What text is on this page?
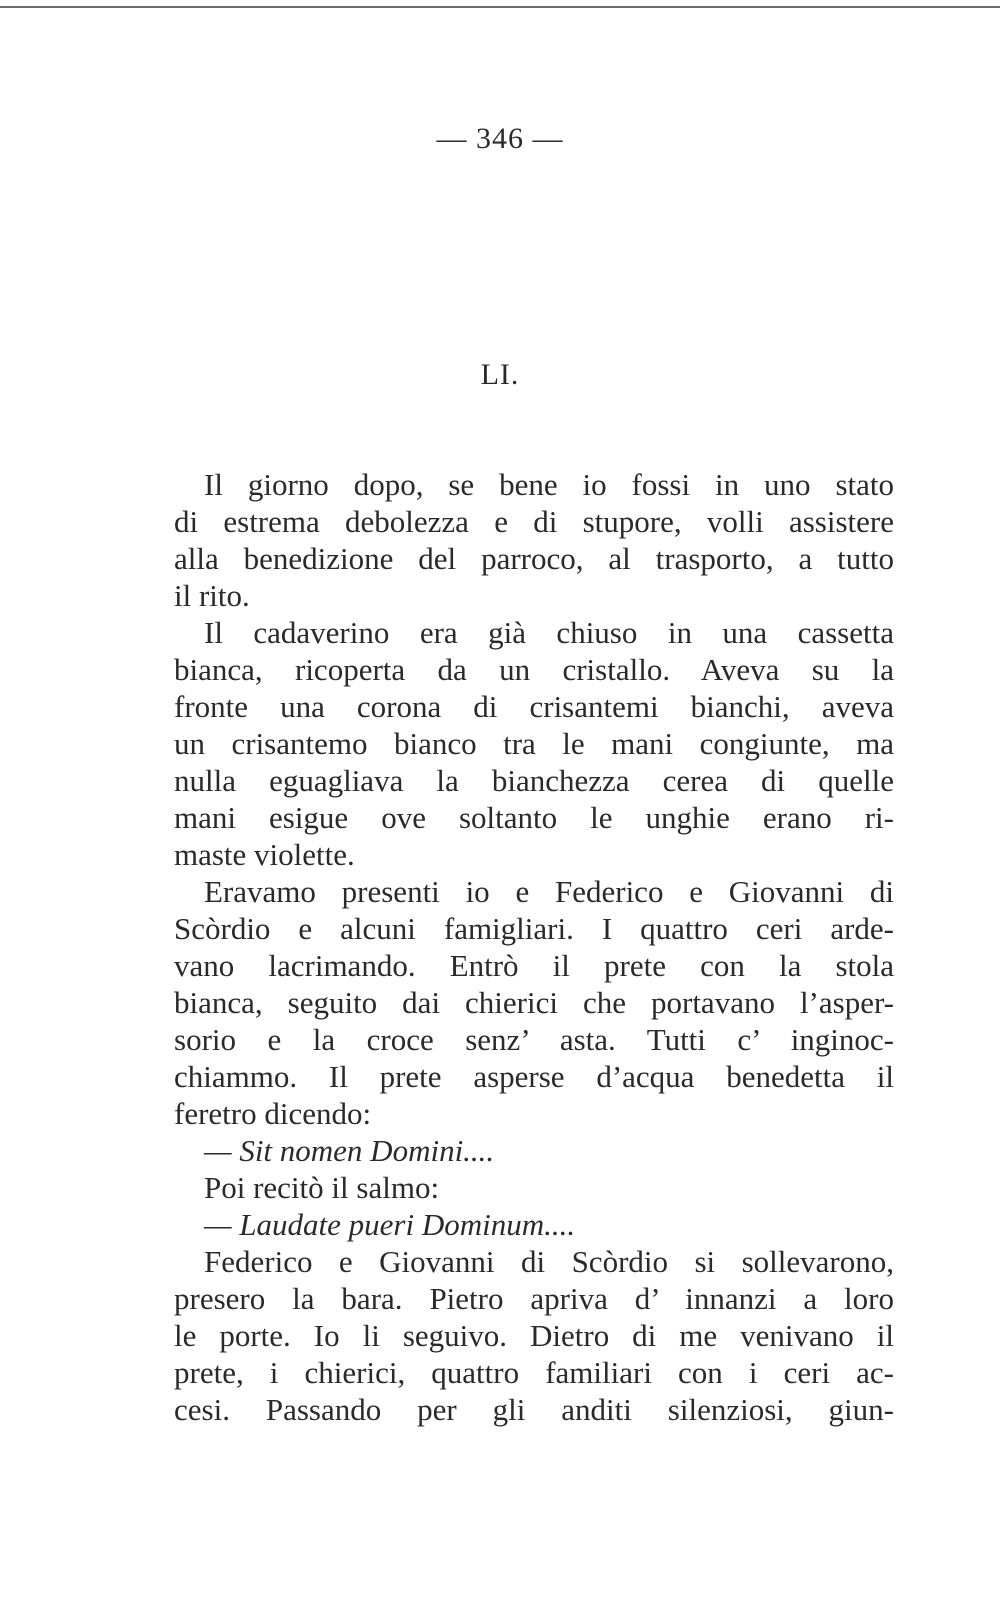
— 346 —
LI.
Il giorno dopo, se bene io fossi in uno stato
di estrema debolezza e di stupore, volli assistere
alla benedizione del parroco, al trasporto, a tutto
il rito.
Il cadaverino era già chiuso in una cassetta
bianca, ricoperta da un cristallo. Aveva su la
fronte una corona di crisantemi bianchi, aveva
un crisantemo bianco tra le mani congiunte, ma
nulla eguagliava la bianchezza cerea di quelle
mani esigue ove soltanto le unghie erano ri-
maste violette.
Eravamo presenti io e Federico e Giovanni di
Scòrdio e alcuni famigliari. I quattro ceri arde-
vano lacrimando. Entrò il prete con la stola
bianca, seguito dai chierici che portavano l’asper-
sorio e la croce senz’ asta. Tutti c’ inginoc-
chiammo. Il prete asperse d’acqua benedetta il
feretro dicendo:
— Sit nomen Domini....
Poi recitò il salmo:
— Laudate pueri Dominum....
Federico e Giovanni di Scòrdio si sollevarono,
presero la bara. Pietro apriva d’ innanzi a loro
le porte. Io li seguivo. Dietro di me venivano il
prete, i chierici, quattro familiari con i ceri ac-
cesi. Passando per gli anditi silenziosi, giun-
